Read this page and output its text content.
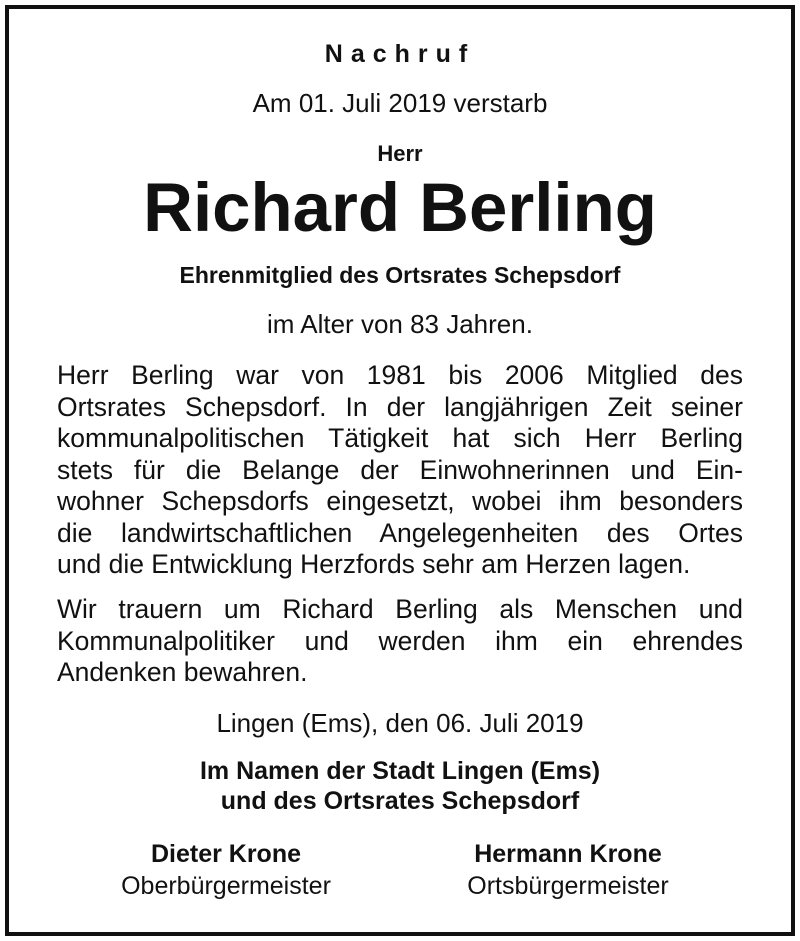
Nachruf
Am 01. Juli 2019 verstarb
Herr
Richard Berling
Ehrenmitglied des Ortsrates Schepsdorf
im Alter von 83 Jahren.
Herr Berling war von 1981 bis 2006 Mitglied des
Ortsrates Schepsdorf. In der langjährigen Zeit seiner
kommunalpolitischen Tätigkeit hat sich Herr Berling
stets für die Belange der Einwohnerinnen und Ein-
wohner Schepsdorfs eingesetzt, wobei ihm besonders
die landwirtschaftlichen Angelegenheiten des Ortes
und die Entwicklung Herzfords sehr am Herzen lagen.
Wir trauern um Richard Berling als Menschen und
Kommunalpolitiker und werden ihm ein ehrendes
Andenken bewahren.
Lingen (Ems), den 06. Juli 2019
Im Namen der Stadt Lingen (Ems)
und des Ortsrates Schepsdorf
Dieter Krone
Oberbürgermeister
Hermann Krone
Ortsbürgermeister
